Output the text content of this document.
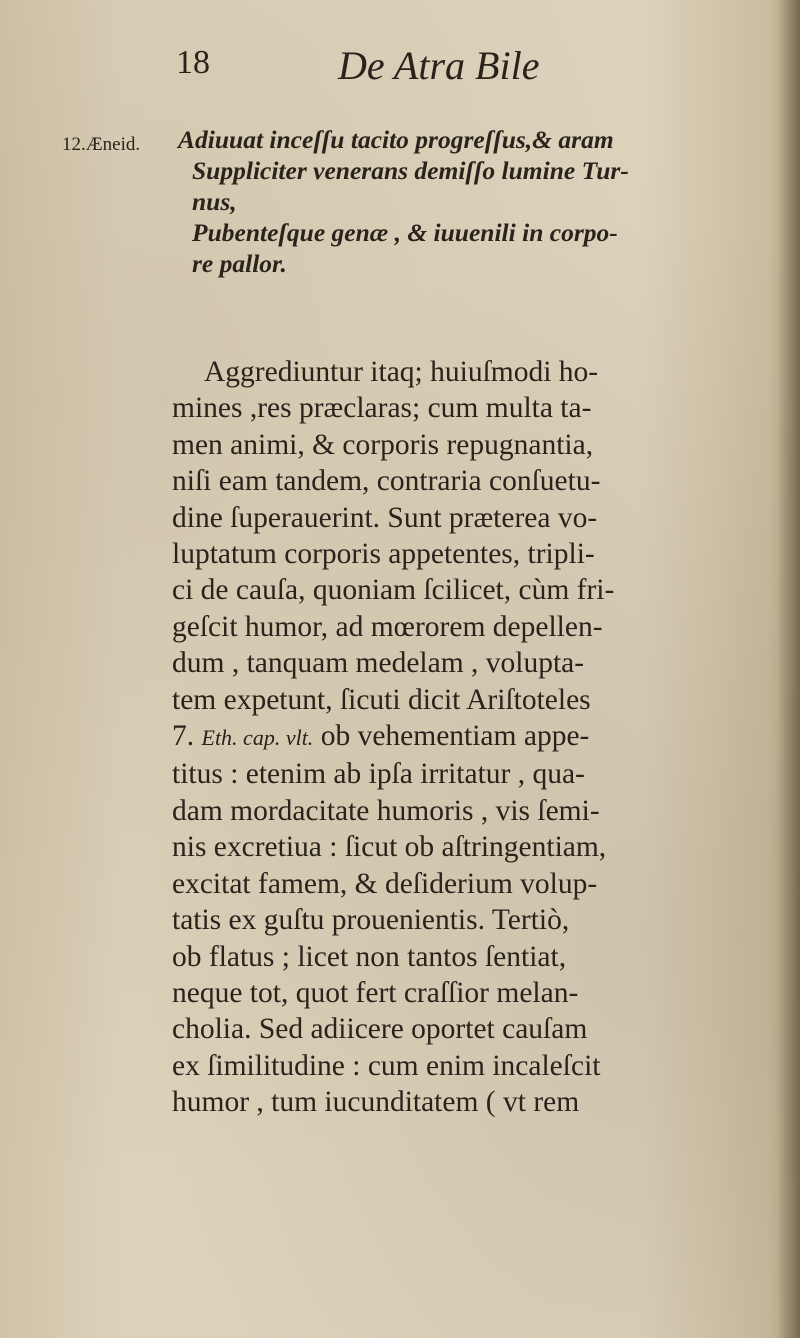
18	De Atra Bile
12.Æneid. Adiuuat inceſſu tacito progreſſus,& aram
Suppliciter venerans demiſſo lumine Tur-
nus,
Pubenteſque genæ , & iuuenili in corpo-
re pallor.
Aggrediuntur itaq; huiuſmodi ho-
mines ,res præclaras; cum multa ta-
men animi, & corporis repugnantia,
niſi eam tandem, contraria conſuetu-
dine ſuperauerint. Sunt præterea vo-
luptatum corporis appetentes, tripli-
ci de cauſa, quoniam ſcilicet, cùm fri-
geſcit humor, ad mœrorem depellen-
dum , tanquam medelam , volupta-
tem expetunt, ſicuti dicit Ariſtoteles
7. Eth. cap. vlt. ob vehementiam appe-
titus : etenim ab ipſa irritatur , qua-
dam mordacitate humoris , vis ſemi-
nis excretiua : ſicut ob aſtringentiam,
excitat famem, & deſiderium volup-
tatis ex guſtu prouenientis. Tertiò,
ob flatus ; licet non tantos ſentiat,
neque tot, quot fert craſſior melan-
cholia. Sed adiicere oportet cauſam
ex ſimilitudine : cum enim incaleſcit
humor , tum iucunditatem ( vt rem
